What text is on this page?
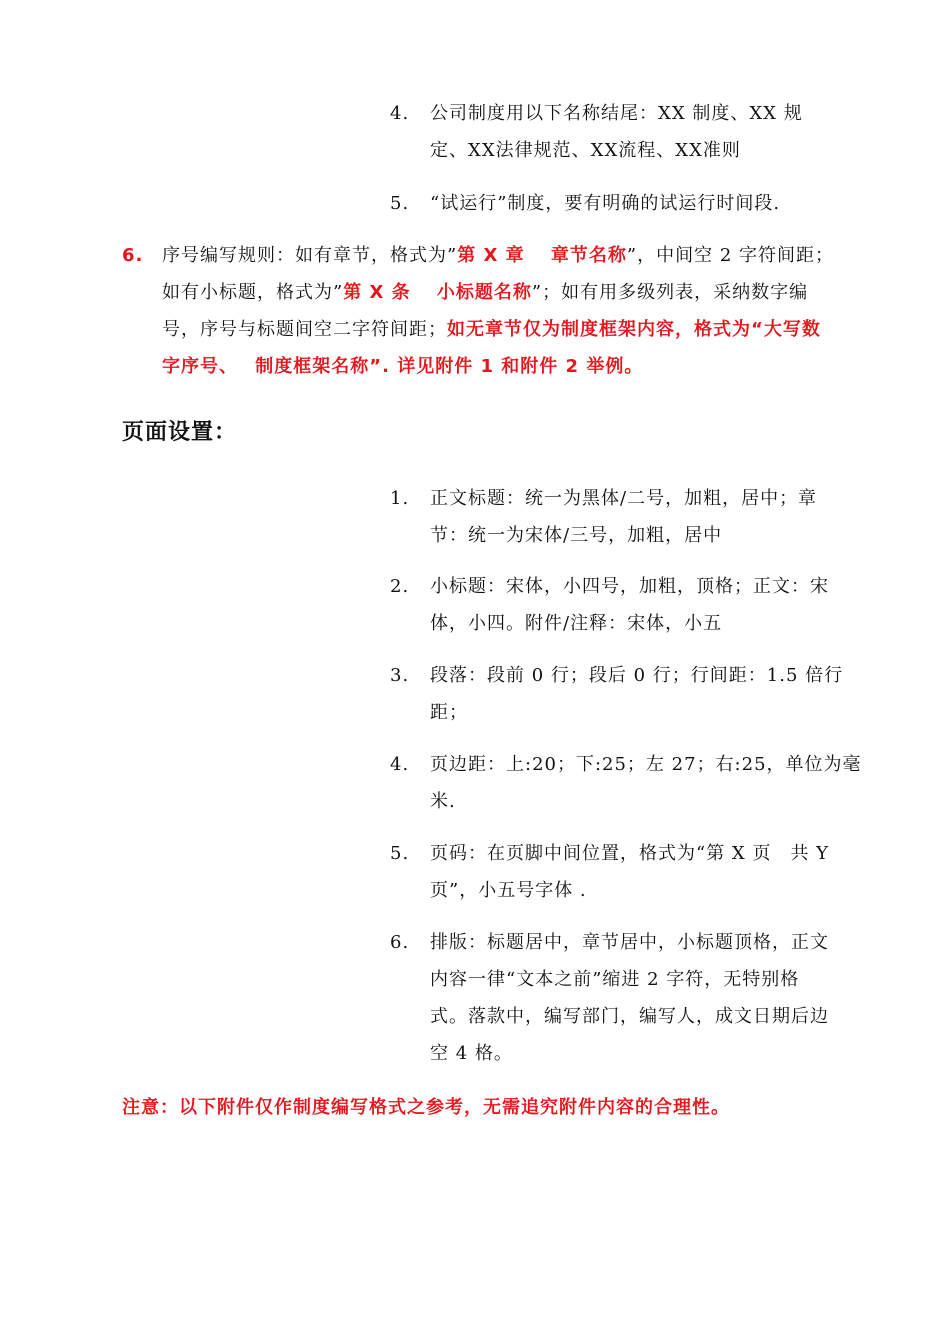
4. 公司制度用以下名称结尾：XX 制度、XX 规
定、XX法律规范、XX流程、XX准则
5. “试运行”制度，要有明确的试运行时间段.
6. 序号编写规则：如有章节，格式为”第 X 章　 章节名称”，中间空 2 字符间距；
如有小标题，格式为”第 X 条　 小标题名称”；如有用多级列表，采纳数字编
号，序号与标题间空二字符间距；如无章节仅为制度框架内容，格式为“大写数
字序号、　 制度框架名称”. 详见附件 1 和附件 2 举例。
页面设置：
1. 正文标题：统一为黑体/二号，加粗，居中；章
节：统一为宋体/三号，加粗，居中
2. 小标题：宋体，小四号，加粗，顶格；正文：宋
体，小四。附件/注释：宋体，小五
3. 段落：段前 0 行；段后 0 行；行间距：1.5 倍行
距；
4. 页边距：上:20；下:25；左 27；右:25，单位为毫
米.
5. 页码：在页脚中间位置，格式为“第 X 页　共 Y
页”，小五号字体 .
6. 排版：标题居中，章节居中，小标题顶格，正文
内容一律“文本之前”缩进 2 字符，无特别格
式。落款中，编写部门，编写人，成文日期后边
空 4 格。
注意：以下附件仅作制度编写格式之参考，无需追究附件内容的合理性。
